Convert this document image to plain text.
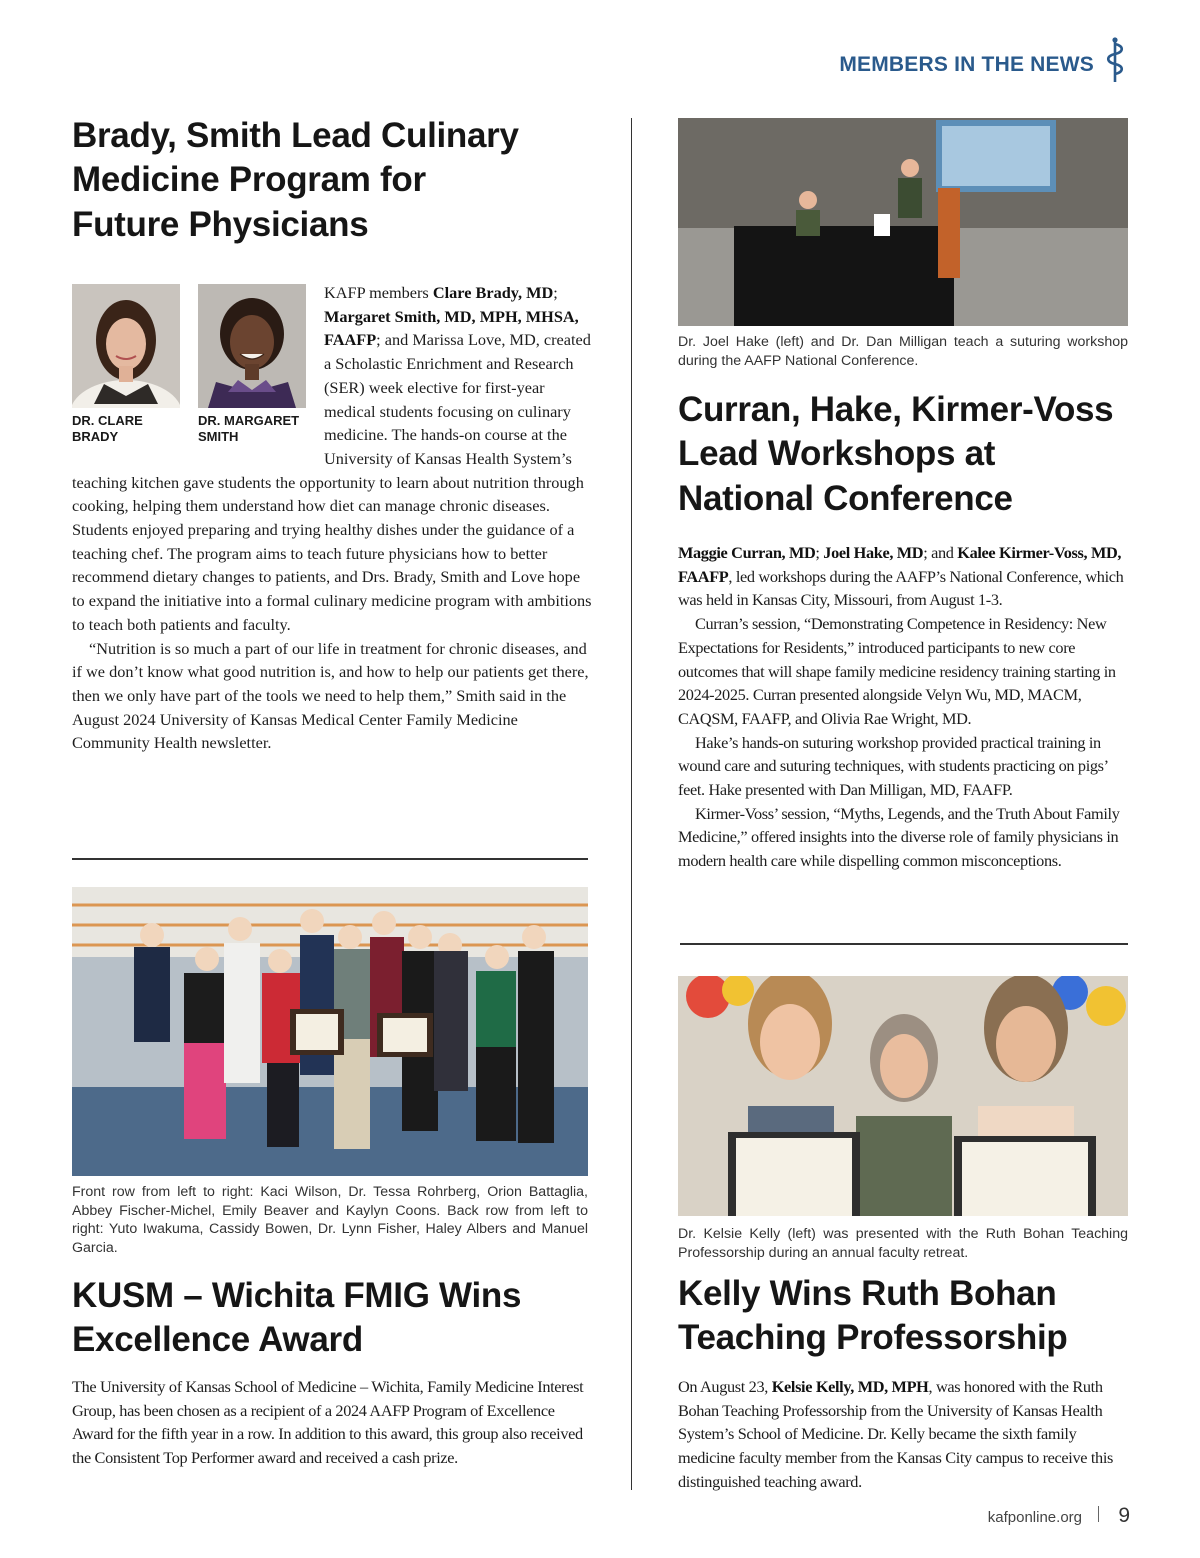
MEMBERS IN THE NEWS
Brady, Smith Lead Culinary
Medicine Program for
Future Physicians
DR. CLARE
BRADY
DR. MARGARET
SMITH

KAFP members Clare Brady, MD; Margaret Smith, MD, MPH, MHSA, FAAFP; and Marissa Love, MD, created a Scholastic Enrichment and Research (SER) week elective for first-year medical students focusing on culinary medicine. The hands-on course at the University of Kansas Health System’s teaching kitchen gave students the opportunity to learn about nutrition through cooking, helping them understand how diet can manage chronic diseases. Students enjoyed preparing and trying healthy dishes under the guidance of a teaching chef. The program aims to teach future physicians how to better recommend dietary changes to patients, and Drs. Brady, Smith and Love hope to expand the initiative into a formal culinary medicine program with ambitions to teach both patients and faculty.

“Nutrition is so much a part of our life in treatment for chronic diseases, and if we don’t know what good nutrition is, and how to help our patients get there, then we only have part of the tools we need to help them,” Smith said in the August 2024 University of Kansas Medical Center Family Medicine Community Health newsletter.

Front row from left to right: Kaci Wilson, Dr. Tessa Rohrberg, Orion Battaglia, Abbey Fischer-Michel, Emily Beaver and Kaylyn Coons. Back row from left to right: Yuto Iwakuma, Cassidy Bowen, Dr. Lynn Fisher, Haley Albers and Manuel Garcia.
KUSM – Wichita FMIG Wins
Excellence Award

The University of Kansas School of Medicine – Wichita, Family Medicine Interest Group, has been chosen as a recipient of a 2024 AAFP Program of Excellence Award for the fifth year in a row. In addition to this award, this group also received the Consistent Top Performer award and received a cash prize.

Dr. Joel Hake (left) and Dr. Dan Milligan teach a suturing workshop during the AAFP National Conference.
Curran, Hake, Kirmer-Voss
Lead Workshops at
National Conference

Maggie Curran, MD; Joel Hake, MD; and Kalee Kirmer-Voss, MD, FAAFP, led workshops during the AAFP’s National Conference, which was held in Kansas City, Missouri, from August 1-3.

Curran’s session, “Demonstrating Competence in Residency: New Expectations for Residents,” introduced participants to new core outcomes that will shape family medicine residency training starting in 2024-2025. Curran presented alongside Velyn Wu, MD, MACM, CAQSM, FAAFP, and Olivia Rae Wright, MD.

Hake’s hands-on suturing workshop provided practical training in wound care and suturing techniques, with students practicing on pigs’ feet. Hake presented with Dan Milligan, MD, FAAFP.

Kirmer-Voss’ session, “Myths, Legends, and the Truth About Family Medicine,” offered insights into the diverse role of family physicians in modern health care while dispelling common misconceptions.

Dr. Kelsie Kelly (left) was presented with the Ruth Bohan Teaching Professorship during an annual faculty retreat.
Kelly Wins Ruth Bohan
Teaching Professorship

On August 23, Kelsie Kelly, MD, MPH, was honored with the Ruth Bohan Teaching Professorship from the University of Kansas Health System’s School of Medicine. Dr. Kelly became the sixth family medicine faculty member from the Kansas City campus to receive this distinguished teaching award.

kafponline.org 9
